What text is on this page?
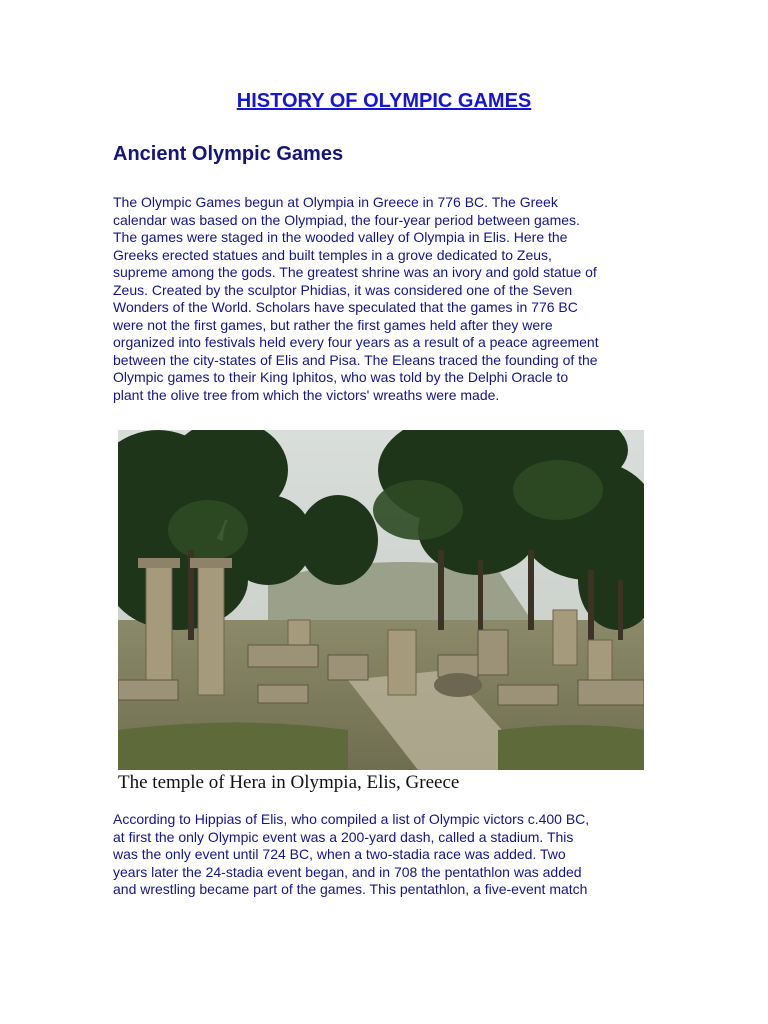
HISTORY OF OLYMPIC GAMES
Ancient Olympic Games

The Olympic Games begun at Olympia in Greece in 776 BC. The Greek
calendar was based on the Olympiad, the four-year period between games.
The games were staged in the wooded valley of Olympia in Elis. Here the
Greeks erected statues and built temples in a grove dedicated to Zeus,
supreme among the gods. The greatest shrine was an ivory and gold statue of
Zeus. Created by the sculptor Phidias, it was considered one of the Seven
Wonders of the World. Scholars have speculated that the games in 776 BC
were not the first games, but rather the first games held after they were
organized into festivals held every four years as a result of a peace agreement
between the city-states of Elis and Pisa. The Eleans traced the founding of the
Olympic games to their King Iphitos, who was told by the Delphi Oracle to
plant the olive tree from which the victors' wreaths were made.

The temple of Hera in Olympia, Elis, Greece

According to Hippias of Elis, who compiled a list of Olympic victors c.400 BC,
at first the only Olympic event was a 200-yard dash, called a stadium. This
was the only event until 724 BC, when a two-stadia race was added. Two
years later the 24-stadia event began, and in 708 the pentathlon was added
and wrestling became part of the games. This pentathlon, a five-event match
